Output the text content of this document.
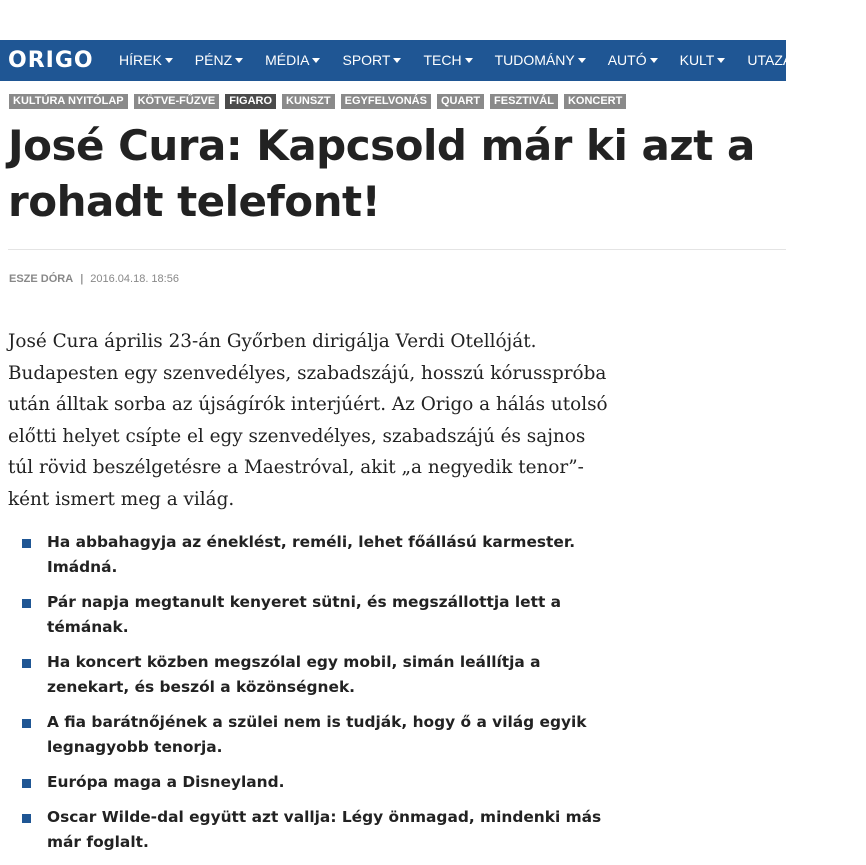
ORIGO HÍREK PÉNZ MÉDIA SPORT TECH TUDOMÁNY AUTÓ KULT UTAZÁS GA
KULTÚRA NYITÓLAP	KÖTVE-FŰZVE	FIGARO	KUNSZT	EGYFELVONÁS	QUART	FESZTIVÁL	KONCERT
José Cura: Kapcsold már ki azt a rohadt telefont!
ESZE DÓRA | 2016.04.18. 18:56

José Cura április 23-án Győrben dirigálja Verdi Otellóját. Budapesten egy szenvedélyes, szabadszájú, hosszú kórusspróba után álltak sorba az újságírók interjúért. Az Origo a hálás utolsó előtti helyet csípte el egy szenvedélyes, szabadszájú és sajnos túl rövid beszélgetésre a Maestróval, akit „a negyedik tenor”-ként ismert meg a világ.

Ha abbahagyja az éneklést, reméli, lehet főállású karmester. Imádná.
Pár napja megtanult kenyeret sütni, és megszállottja lett a témának.
Ha koncert közben megszólal egy mobil, simán leállítja a zenekart, és beszól a közönségnek.
A fia barátnőjének a szülei nem is tudják, hogy ő a világ egyik legnagyobb tenorja.
Európa maga a Disneyland.
Oscar Wilde-dal együtt azt vallja: Légy önmagad, mindenki más már foglalt.
